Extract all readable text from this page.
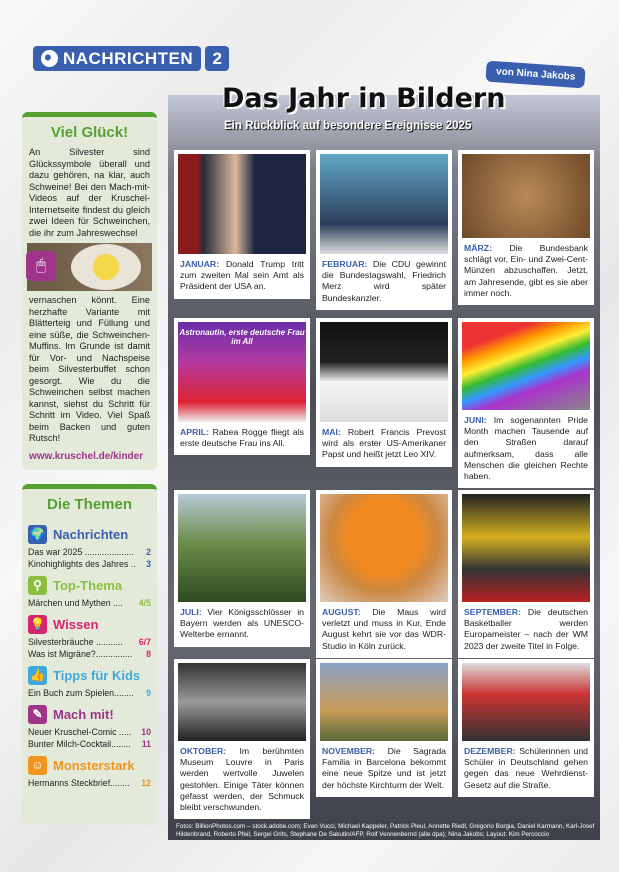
NACHRICHTEN	2
Viel Glück!

An Silvester sind Glückssymbole überall und dazu gehören, na klar, auch Schweine! Bei den Mach-mit-Videos auf der Kruschel-Internetseite findest du gleich zwei Ideen für Schweinchen, die ihr zum Jahreswechsel

🖱

vernaschen könnt. Eine herzhafte Variante mit Blätterteig und Füllung und eine süße, die Schweinchen-Muffins. Im Grunde ist damit für Vor- und Nachspeise beim Silvesterbuffet schon gesorgt. Wie du die Schweinchen selbst machen kannst, siehst du Schritt für Schritt im Video. Viel Spaß beim Backen und guten Rutsch!

www.kruschel.de/kinder
Die Themen
🌍 Nachrichten
Das war 2025 .................... 2
Kinohighlights des Jahres .. 3
⚲ Top-Thema
Märchen und Mythen .... 4/5
💡 Wissen
Silvesterbräuche ........... 6/7
Was ist Migräne?............... 8
👍 Tipps für Kids
Ein Buch zum Spielen........ 9
✎ Mach mit!
Neuer Kruschel-Comic ..... 10
Bunter Milch-Cocktail........ 11
☺ Monsterstark
Hermanns Steckbrief........ 12
Das Jahr in Bildern
Ein Rückblick auf besondere Ereignisse 2025
von Nina Jakobs

JANUAR: Donald Trump tritt zum zweiten Mal sein Amt als Präsident der USA an.

FEBRUAR: Die CDU gewinnt die Bundestagswahl, Friedrich Merz wird später Bundeskanzler.

MÄRZ: Die Bundesbank schlägt vor, Ein- und Zwei-Cent-Münzen abzuschaffen. Jetzt, am Jahresende, gibt es sie aber immer noch.

Astronautin, erste deutsche Frau im All

APRIL: Rabea Rogge fliegt als erste deutsche Frau ins All.

MAI: Robert Francis Prevost wird als erster US-Amerikaner Papst und heißt jetzt Leo XIV.

JUNI: Im sogenannten Pride Month machen Tausende auf den Straßen darauf aufmerksam, dass alle Menschen die gleichen Rechte haben.

JULI: Vier Königsschlösser in Bayern werden als UNESCO-Welterbe ernannt.

AUGUST: Die Maus wird verletzt und muss in Kur, Ende August kehrt sie vor das WDR-Studio in Köln zurück.

SEPTEMBER: Die deutschen Basketballer werden Europameister – nach der WM 2023 der zweite Titel in Folge.

OKTOBER: Im berühmten Museum Louvre in Paris werden wertvolle Juwelen gestohlen. Einige Täter können gefasst werden, der Schmuck bleibt verschwunden.

NOVEMBER: Die Sagrada Familia in Barcelona bekommt eine neue Spitze und ist jetzt der höchste Kirchturm der Welt.

DEZEMBER: Schülerinnen und Schüler in Deutschland gehen gegen das neue Wehrdienst-Gesetz auf die Straße.

Fotos: BillionPhotos.com – stock.adobe.com; Evan Vucci, Michael Kappeler, Patrick Pleul, Annette Riedl, Gregorio Borgia, Daniel Karmann, Karl-Josef Hildenbrand, Roberto Pfeil, Sergei Grits, Stephane De Sakutin/AFP, Rolf Vennenbernd (alle dpa); Nina Jakobs; Layout: Kim Percoccio
